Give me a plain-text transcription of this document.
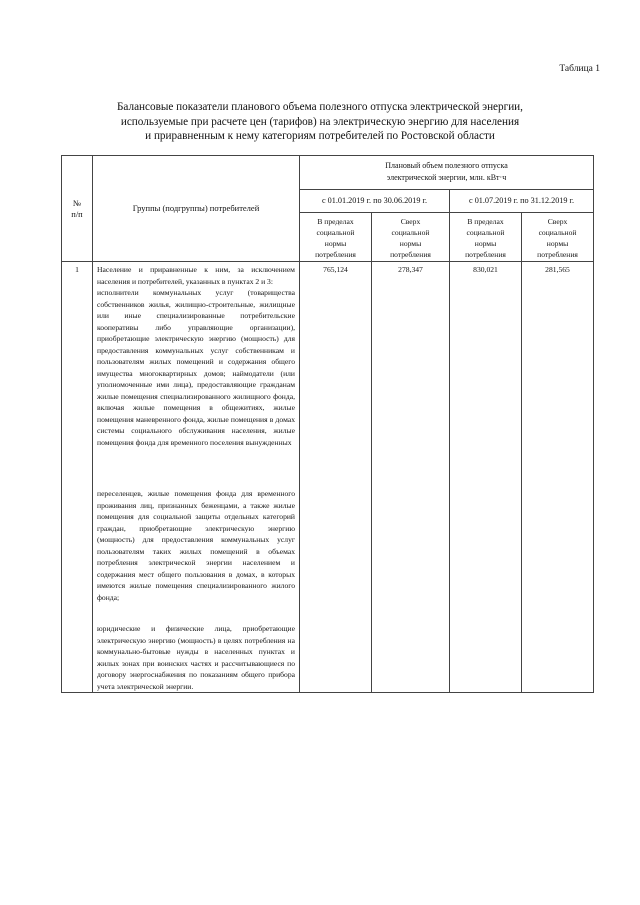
Таблица 1
Балансовые показатели планового объема полезного отпуска электрической энергии,
используемые при расчете цен (тарифов) на электрическую энергию для населения
и приравненным к нему категориям потребителей по Ростовской области
№
п/п	Группы (подгруппы) потребителей	Плановый объем полезного отпуска
электрической энергии, млн. кВт·ч			
		с 01.01.2019 г. по 30.06.2019 г.		с 01.07.2019 г. по 31.12.2019 г.	
		В пределах
социальной
нормы
потребления	Сверх
социальной
нормы
потребления	В пределах
социальной
нормы
потребления	Сверх
социальной
нормы
потребления
1	Население и приравненные к ним, за исключением населения и потребителей, указанных в пунктах 2 и 3:
исполнители коммунальных услуг (товарищества собственников жилья, жилищно-строительные, жилищные или иные специализированные потребительские кооперативы либо управляющие организации), приобретающие электрическую энергию (мощность) для предоставления коммунальных услуг собственникам и пользователям жилых помещений и содержания общего имущества многоквартирных домов; наймодатели (или уполномоченные ими лица), предоставляющие гражданам жилые помещения специализированного жилищного фонда, включая жилые помещения в общежитиях, жилые помещения маневренного фонда, жилые помещения в домах системы социального обслуживания населения, жилые помещения фонда для временного поселения вынужденных
переселенцев, жилые помещения фонда для временного проживания лиц, признанных беженцами, а также жилые помещения для социальной защиты отдельных категорий граждан, приобретающие электрическую энергию (мощность) для предоставления коммунальных услуг пользователям таких жилых помещений в объемах потребления электрической энергии населением и содержания мест общего пользования в домах, в которых имеются жилые помещения специализированного жилого фонда;
юридические и физические лица, приобретающие электрическую энергию (мощность) в целях потребления на коммунально-бытовые нужды в населенных пунктах и жилых зонах при воинских частях и рассчитывающиеся по договору энергоснабжения по показаниям общего прибора учета электрической энергии.	765,124	278,347	830,021	281,565
